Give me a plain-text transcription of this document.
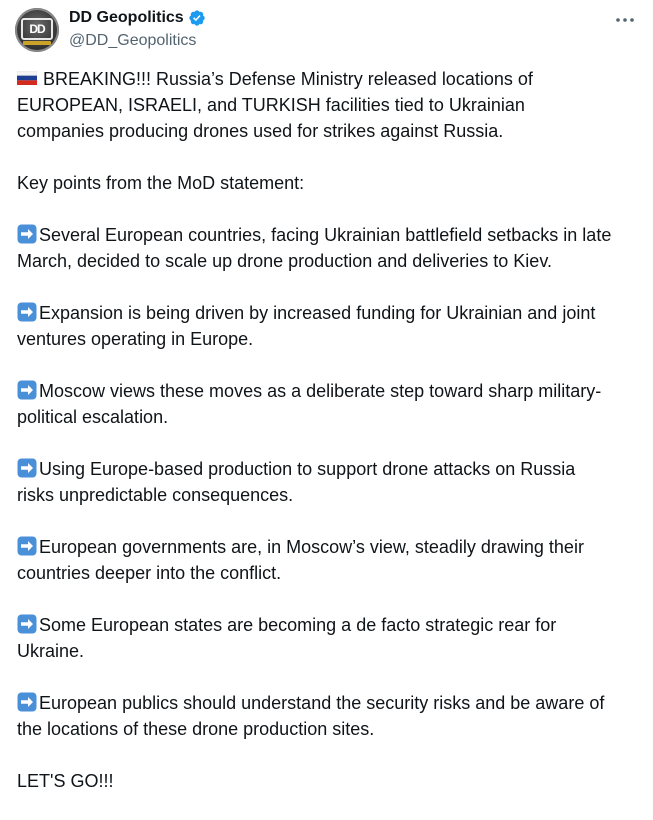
DD
DD Geopolitics
@DD_Geopolitics

BREAKING!!! Russia’s Defense Ministry released locations of
EUROPEAN, ISRAELI, and TURKISH facilities tied to Ukrainian
companies producing drones used for strikes against Russia.

Key points from the MoD statement:

Several European countries, facing Ukrainian battlefield setbacks in late
March, decided to scale up drone production and deliveries to Kiev.

Expansion is being driven by increased funding for Ukrainian and joint
ventures operating in Europe.

Moscow views these moves as a deliberate step toward sharp military-
political escalation.

Using Europe-based production to support drone attacks on Russia
risks unpredictable consequences.

European governments are, in Moscow’s view, steadily drawing their
countries deeper into the conflict.

Some European states are becoming a de facto strategic rear for
Ukraine.

European publics should understand the security risks and be aware of
the locations of these drone production sites.

LET'S GO!!!
